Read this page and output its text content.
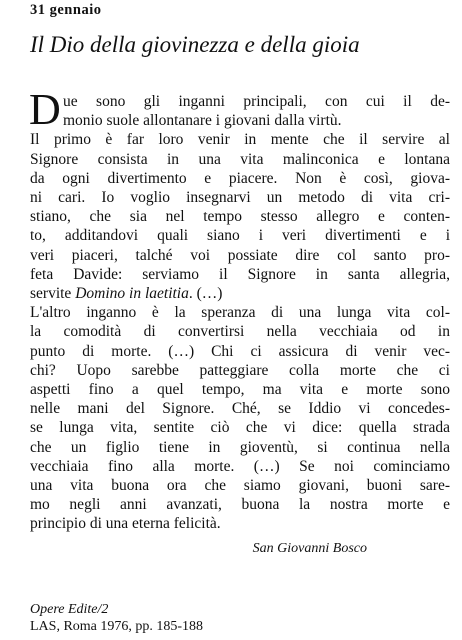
31 gennaio
Il Dio della giovinezza e della gioia
D ue sono gli inganni principali, con cui il de-
monio suole allontanare i giovani dalla virtù.
Il primo è far loro venir in mente che il servire al
Signore consista in una vita malinconica e lontana
da ogni divertimento e piacere. Non è così, giova-
ni cari. Io voglio insegnarvi un metodo di vita cri-
stiano, che sia nel tempo stesso allegro e conten-
to, additandovi quali siano i veri divertimenti e i
veri piaceri, talché voi possiate dire col santo pro-
feta Davide: serviamo il Signore in santa allegria,
servite Domino in laetitia. (…)
L'altro inganno è la speranza di una lunga vita col-
la comodità di convertirsi nella vecchiaia od in
punto di morte. (…) Chi ci assicura di venir vec-
chi? Uopo sarebbe patteggiare colla morte che ci
aspetti fino a quel tempo, ma vita e morte sono
nelle mani del Signore. Ché, se Iddio vi concedes-
se lunga vita, sentite ciò che vi dice: quella strada
che un figlio tiene in gioventù, si continua nella
vecchiaia fino alla morte. (…) Se noi cominciamo
una vita buona ora che siamo giovani, buoni sare-
mo negli anni avanzati, buona la nostra morte e
principio di una eterna felicità.
San Giovanni Bosco
Opere Edite/2
LAS, Roma 1976, pp. 185-188
